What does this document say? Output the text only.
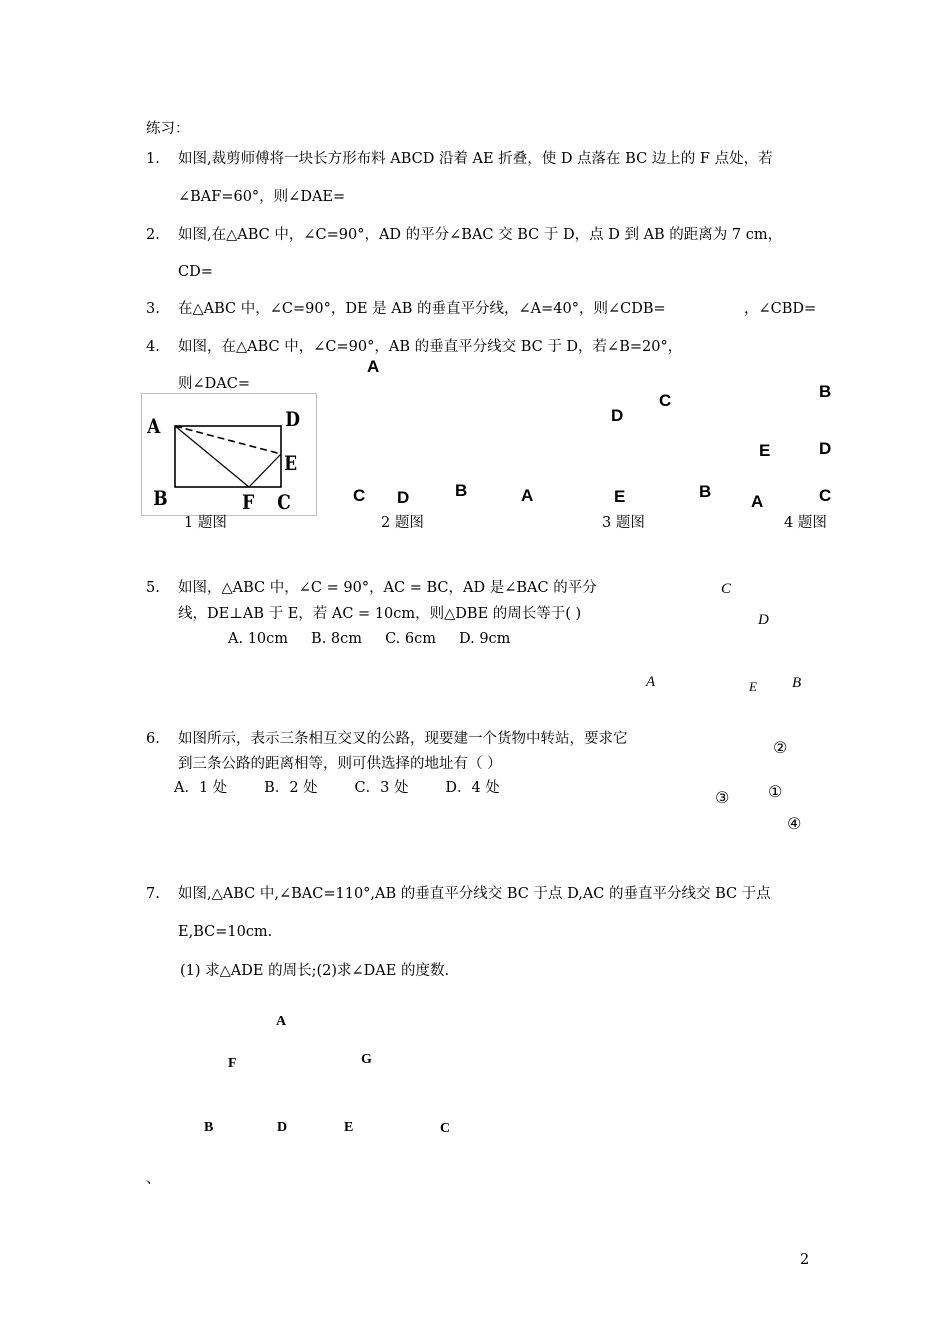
练习：
1. 如图,裁剪师傅将一块长方形布料 ABCD 沿着 AE 折叠，使 D 点落在 BC 边上的 F 点处，若
∠BAF=60°，则∠DAE=
2. 如图,在△ABC 中，∠C=90°，AD 的平分∠BAC 交 BC 于 D，点 D 到 AB 的距离为 7 cm，
CD=
3. 在△ABC 中，∠C=90°，DE 是 AB 的垂直平分线，∠A=40°，则∠CDB=	，∠CBD=
4. 如图，在△ABC 中，∠C=90°，AB 的垂直平分线交 BC 于 D，若∠B=20°，
则∠DAC=
A	D
E
B	F C
A
C D	B	A
D
C
E	B
B
E	D
A	C
1 题图	2 题图	3 题图	4 题图
5. 如图，△ABC 中，∠C = 90°，AC = BC，AD 是∠BAC 的平分
线，DE⊥AB 于 E，若 AC = 10cm，则△DBE 的周长等于( )
A. 10cm     B. 8cm     C. 6cm     D. 9cm
C
D
A	E B
6. 如图所示，表示三条相互交叉的公路，现要建一个货物中转站，要求它
到三条公路的距离相等，则可供选择的地址有（ ）
A．1 处        B．2 处        C．3 处        D．4 处
②
③ ①
④
7. 如图,△ABC 中,∠BAC=110°,AB 的垂直平分线交 BC 于点 D,AC 的垂直平分线交 BC 于点
E,BC=10cm.
(1) 求△ADE 的周长;(2)求∠DAE 的度数.
A
F	G
B	D	E	C
、
2
